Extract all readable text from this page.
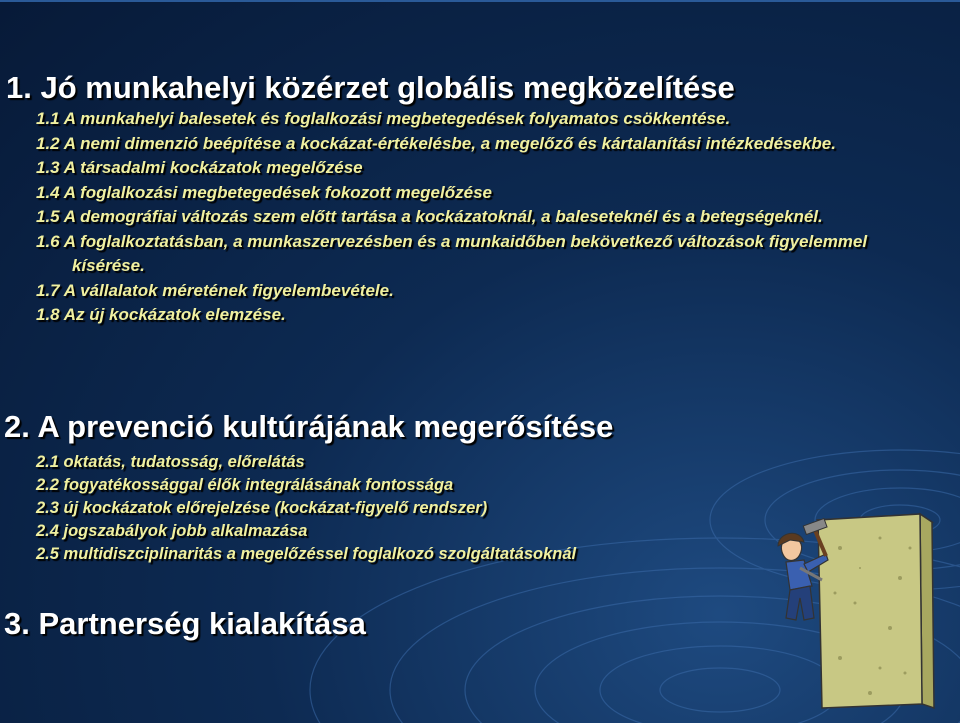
1. Jó munkahelyi közérzet globális megközelítése
1.1 A munkahelyi balesetek és foglalkozási megbetegedések folyamatos csökkentése.
1.2 A nemi dimenzió beépítése a kockázat-értékelésbe, a megelőző és kártalanítási intézkedésekbe.
1.3 A társadalmi kockázatok megelőzése
1.4 A foglalkozási megbetegedések fokozott megelőzése
1.5 A demográfiai változás szem előtt tartása a kockázatoknál, a baleseteknél és a betegségeknél.
1.6 A foglalkoztatásban, a munkaszervezésben és a munkaidőben bekövetkező változások figyelemmel kísérése.
1.7 A vállalatok méretének figyelembevétele.
1.8 Az új kockázatok elemzése.
2. A prevenció kultúrájának megerősítése
2.1 oktatás, tudatosság, előrelátás
2.2 fogyatékossággal élők integrálásának fontossága
2.3 új kockázatok előrejelzése (kockázat-figyelő rendszer)
2.4 jogszabályok jobb alkalmazása
2.5 multidiszciplinaritás a megelőzéssel foglalkozó szolgáltatásoknál
3. Partnerség kialakítása
